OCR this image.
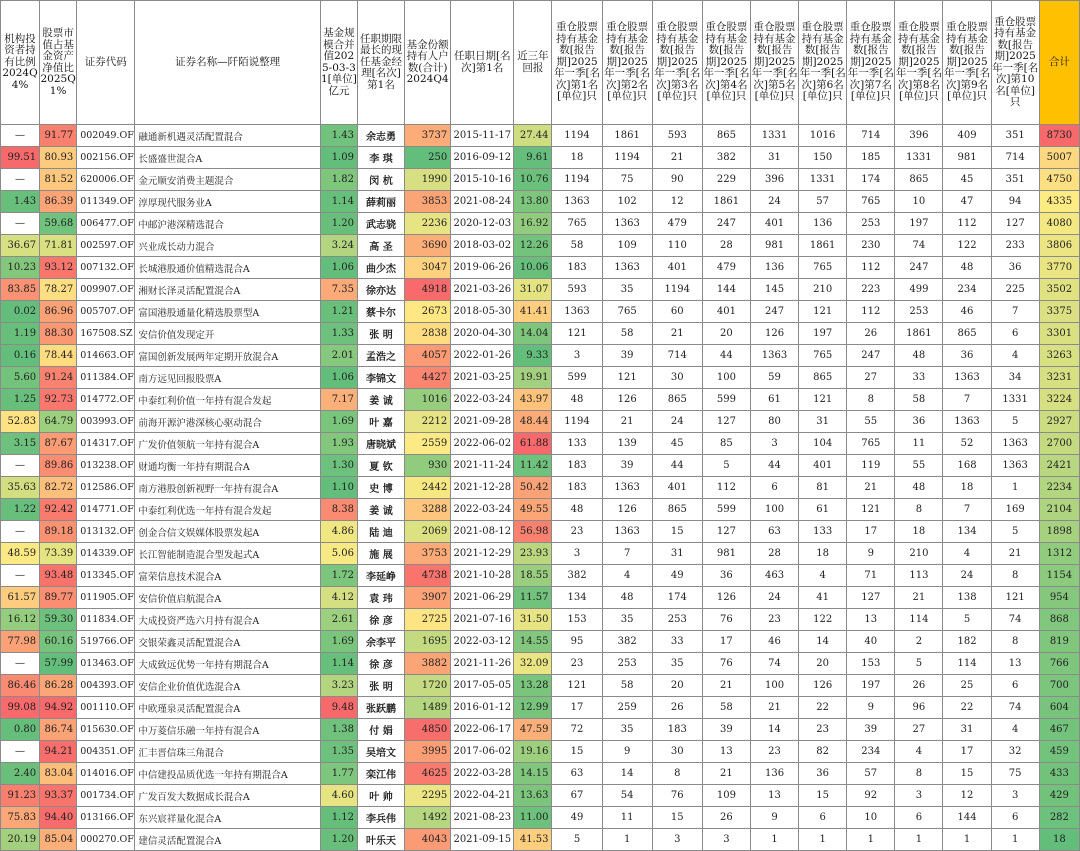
机构投资者持有比例2024Q4%	股票市值占基金资产净值比2025Q1%	证券代码	证券名称—阡陌说整理	基金规模合并值2025-03-31[单位]亿元	任职期限最长的现任基金经理[名次]第1名	基金份额持有人户数(合计)2024Q4	任职日期[名次]第1名	近三年回报	重仓股票持有基金数[报告期]2025年一季[名次]第1名[单位]只	重仓股票持有基金数[报告期]2025年一季[名次]第2名[单位]只	重仓股票持有基金数[报告期]2025年一季[名次]第3名[单位]只	重仓股票持有基金数[报告期]2025年一季[名次]第4名[单位]只	重仓股票持有基金数[报告期]2025年一季[名次]第5名[单位]只	重仓股票持有基金数[报告期]2025年一季[名次]第6名[单位]只	重仓股票持有基金数[报告期]2025年一季[名次]第7名[单位]只	重仓股票持有基金数[报告期]2025年一季[名次]第8名[单位]只	重仓股票持有基金数[报告期]2025年一季[名次]第9名[单位]只	重仓股票持有基金数[报告期]2025年一季[名次]第10名[单位]只	合计
—	91.77	002049.OF	融通新机遇灵活配置混合	1.43	余志勇	3737	2015-11-17	27.44	1194	1861	593	865	1331	1016	714	396	409	351	8730
99.51	80.93	002156.OF	长盛盛世混合A	1.09	李 琪	250	2016-09-12	9.61	18	1194	21	382	31	150	185	1331	981	714	5007
—	81.52	620006.OF	金元顺安消费主题混合	1.82	闵 杭	1990	2015-10-16	10.76	1194	75	90	229	396	1331	174	865	45	351	4750
1.43	86.39	011349.OF	淳厚现代服务业A	1.14	薛莉丽	3853	2021-08-24	13.80	1363	102	12	1861	24	57	765	10	47	94	4335
—	59.68	006477.OF	中邮沪港深精选混合	1.20	武志骁	2236	2020-12-03	16.92	765	1363	479	247	401	136	253	197	112	127	4080
36.67	71.81	002597.OF	兴业成长动力混合	3.24	高 圣	3690	2018-03-02	12.26	58	109	110	28	981	1861	230	74	122	233	3806
10.23	93.12	007132.OF	长城港股通价值精选混合A	1.06	曲少杰	3047	2019-06-26	10.06	183	1363	401	479	136	765	112	247	48	36	3770
83.85	78.27	009907.OF	湘财长泽灵活配置混合A	7.35	徐亦达	4918	2021-03-26	31.07	593	35	1194	144	145	210	223	499	234	225	3502
0.02	86.96	005707.OF	富国港股通量化精选股票型A	1.21	蔡卡尔	2673	2018-05-30	41.41	1363	765	60	401	247	121	112	253	46	7	3375
1.19	88.30	167508.SZ	安信价值发现定开	1.33	张 明	2838	2020-04-30	14.04	121	58	21	20	126	197	26	1861	865	6	3301
0.16	78.44	014663.OF	富国创新发展两年定期开放混合A	2.01	孟浩之	4057	2022-01-26	9.33	3	39	714	44	1363	765	247	48	36	4	3263
5.60	91.24	011384.OF	南方远见回报股票A	1.06	李锦文	4427	2021-03-25	19.91	599	121	30	100	59	865	27	33	1363	34	3231
1.25	92.73	014772.OF	中泰红利价值一年持有混合发起	7.17	姜 诚	1016	2022-03-24	43.97	48	126	865	599	61	121	8	58	7	1331	3224
52.83	64.79	003993.OF	前海开源沪港深核心驱动混合	1.69	叶 嘉	2212	2021-09-28	48.44	1194	21	24	127	80	31	55	36	1363	5	2927
3.15	87.67	014317.OF	广发价值领航一年持有混合A	1.93	唐晓斌	2559	2022-06-02	61.88	133	139	45	85	3	104	765	11	52	1363	2700
—	89.86	013238.OF	财通均衡一年持有期混合A	1.30	夏 钦	930	2021-11-24	11.42	183	39	44	5	44	401	119	55	168	1363	2421
35.63	82.72	012586.OF	南方港股创新视野一年持有混合A	1.10	史 博	2442	2021-12-28	50.42	183	1363	401	112	6	81	21	48	18	1	2234
1.22	92.42	014771.OF	中泰红利优选一年持有混合发起	8.38	姜 诚	3288	2022-03-24	49.55	48	126	865	599	100	61	121	8	7	169	2104
—	89.18	013132.OF	创金合信文娱媒体股票发起A	4.86	陆 迪	2069	2021-08-12	56.98	23	1363	15	127	63	133	17	18	134	5	1898
48.59	73.39	014339.OF	长江智能制造混合型发起式A	5.06	施 展	3753	2021-12-29	23.93	3	7	31	981	28	18	9	210	4	21	1312
—	93.48	013345.OF	富荣信息技术混合A	1.72	李延峥	4738	2021-10-28	18.55	382	4	49	36	463	4	71	113	24	8	1154
61.57	89.77	011905.OF	安信价值启航混合A	4.12	袁 玮	3907	2021-06-29	11.57	134	48	174	126	24	41	127	21	138	121	954
16.12	59.30	011834.OF	大成投资严选六月持有混合A	2.61	徐 彦	2725	2021-07-16	31.50	153	35	253	76	23	122	13	114	5	74	868
77.98	60.16	519766.OF	交银荣鑫灵活配置混合A	1.69	余李平	1695	2022-03-12	14.55	95	382	33	17	46	14	40	2	182	8	819
—	57.99	013463.OF	大成致远优势一年持有期混合A	1.14	徐 彦	3882	2021-11-26	32.09	23	253	35	76	74	20	153	5	114	13	766
86.46	86.28	004393.OF	安信企业价值优选混合A	3.23	张 明	1720	2017-05-05	13.28	121	58	20	21	100	126	197	26	25	6	700
99.08	94.92	001110.OF	中欧瑾泉灵活配置混合A	9.48	张跃鹏	1489	2016-01-12	12.99	17	259	26	58	21	22	9	96	22	74	604
0.80	86.74	015630.OF	中万菱信乐融一年持有混合A	1.38	付 娟	4850	2022-06-17	47.59	72	35	183	39	14	23	39	27	31	4	467
—	94.21	004351.OF	汇丰晋信珠三角混合	1.35	吴培文	3995	2017-06-02	19.16	15	9	30	13	23	82	234	4	17	32	459
2.40	83.04	014016.OF	中信建投品质优选一年持有期混合A	1.77	栾江伟	4625	2022-03-28	14.15	63	14	8	21	136	36	57	8	15	75	433
91.23	93.37	001734.OF	广发百发大数据成长混合A	4.60	叶 帅	2295	2022-04-21	13.63	67	54	76	109	13	15	92	3	12	3	429
75.83	94.40	013166.OF	东兴宸祥量化混合A	1.12	李兵伟	1492	2021-08-23	11.00	49	11	15	26	9	6	10	6	144	6	282
20.19	85.04	000270.OF	建信灵活配置混合A	1.20	叶乐天	4043	2021-09-15	41.53	5	1	3	3	1	1	1	1	1	1	18
